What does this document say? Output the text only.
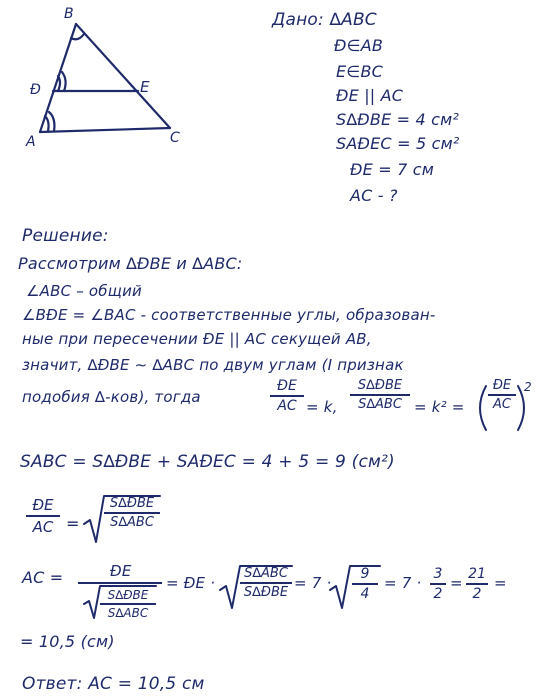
B
Ð	E
A	C
Дано: ∆ABC
Ð∈AB
E∈BC
ÐE || AC
S∆ÐBE = 4 см²
SAÐEC = 5 см²
ÐE = 7 см
AC - ?
Решение:
Рассмотрим ∆ÐBE и ∆ABC:
∠ABC – общий
∠BÐE = ∠BAC - соответственные углы, образован-
ные при пересечении ÐE || AC секущей AB,
значит, ∆ÐBE ∼ ∆ABC по двум углам (I признак
подобия ∆-ков), тогда
ÐE
AC = k,
S∆ÐBE
S∆ABC = k² =
ÐE
AC
2
SABC = S∆ÐBE + SAÐEC = 4 + 5 = 9 (см²)
ÐE
AC =
S∆ÐBE
S∆ABC
AC =	ÐE
S∆ÐBE
S∆ABC
= ÐE ·
S∆ABC
S∆ÐBE
= 7 ·	9
4
= 7 · 3
2
= 21
2
=
= 10,5 (см)
Ответ: AC = 10,5 см
